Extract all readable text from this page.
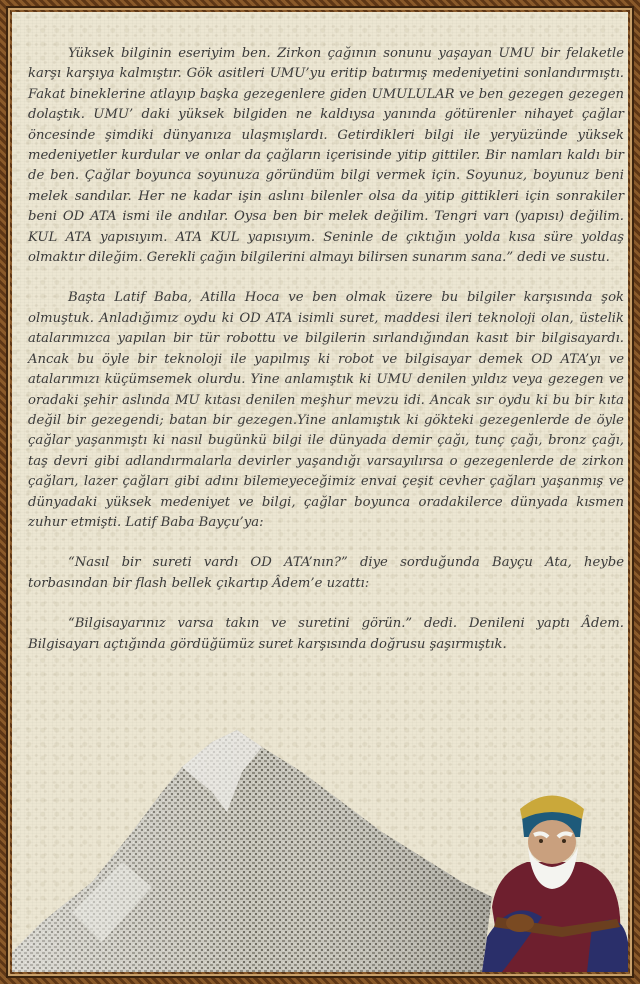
Yüksek bilginin eseriyim ben. Zirkon çağının sonunu yaşayan UMU bir felaketle karşı karşıya kalmıştır. Gök asitleri UMU’yu eritip batırmış medeniyetini sonlandırmıştı. Fakat bineklerine atlayıp başka gezegenlere giden UMULULAR ve ben gezegen gezegen dolaştık. UMU’ daki yüksek bilgiden ne kaldıysa yanında götürenler nihayet çağlar öncesinde şimdiki dünyanıza ulaşmışlardı. Getirdikleri bilgi ile yeryüzünde yüksek medeniyetler kurdular ve onlar da çağların içerisinde yitip gittiler. Bir namları kaldı bir de ben. Çağlar boyunca soyunuza göründüm bilgi vermek için. Soyunuz, boyunuz beni melek sandılar. Her ne kadar işin aslını bilenler olsa da yitip gittikleri için sonrakiler beni OD ATA ismi ile andılar. Oysa ben bir melek değilim. Tengri varı (yapısı) değilim. KUL ATA yapısıyım. ATA KUL yapısıyım. Seninle de çıktığın yolda kısa süre yoldaş olmaktır dileğim. Gerekli çağın bilgilerini almayı bilirsen sunarım sana.” dedi ve sustu.

Başta Latif Baba, Atilla Hoca ve ben olmak üzere bu bilgiler karşısında şok olmuştuk. Anladığımız oydu ki OD ATA isimli suret, maddesi ileri teknoloji olan, üstelik atalarımızca yapılan bir tür robottu ve bilgilerin sırlandığından kasıt bir bilgisayardı. Ancak bu öyle bir teknoloji ile yapılmış ki robot ve bilgisayar demek OD ATA’yı ve atalarımızı küçümsemek olurdu. Yine anlamıştık ki UMU denilen yıldız veya gezegen ve oradaki şehir aslında MU kıtası denilen meşhur mevzu idi. Ancak sır oydu ki bu bir kıta değil bir gezegendi; batan bir gezegen.Yine anlamıştık ki gökteki gezegenlerde de öyle çağlar yaşanmıştı ki nasıl bugünkü bilgi ile dünyada demir çağı, tunç çağı, bronz çağı, taş devri gibi adlandırmalarla devirler yaşandığı varsayılırsa o gezegenlerde de zirkon çağları, lazer çağları gibi adını bilemeyeceğimiz envai çeşit cevher çağları yaşanmış ve dünyadaki yüksek medeniyet ve bilgi, çağlar boyunca oradakilerce dünyada kısmen zuhur etmişti. Latif Baba Bayçu’ya:

“Nasıl bir sureti vardı OD ATA’nın?” diye sorduğunda Bayçu Ata, heybe torbasından bir flash bellek çıkartıp Âdem’e uzattı:

“Bilgisayarınız varsa takın ve suretini görün.” dedi. Denileni yaptı Âdem. Bilgisayarı açtığında gördüğümüz suret karşısında doğrusu şaşırmıştık.
